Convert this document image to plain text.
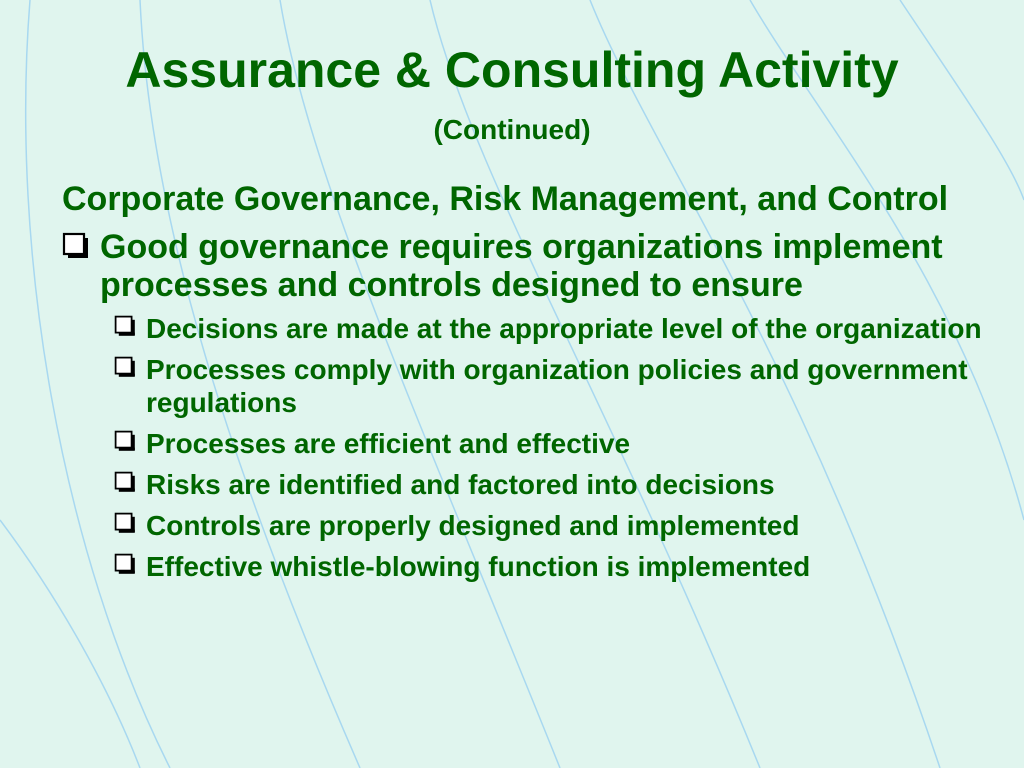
Assurance & Consulting Activity
(Continued)

Corporate Governance, Risk Management, and Control

Good governance requires organizations implement processes and controls designed to ensure
Decisions are made at the appropriate level of the organization
Processes comply with organization policies and government regulations
Processes are efficient and effective
Risks are identified and factored into decisions
Controls are properly designed and implemented
Effective whistle-blowing function is implemented
